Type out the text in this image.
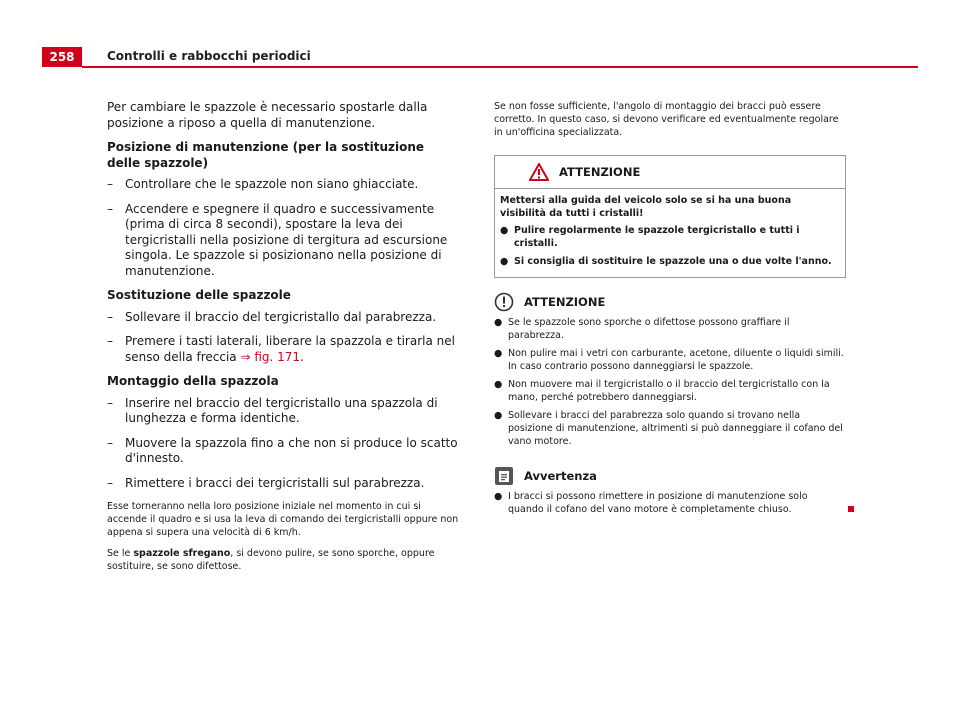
258	Controlli e rabbocchi periodici

Per cambiare le spazzole è necessario spostarle dalla posizione a riposo a quella di manutenzione.

Posizione di manutenzione (per la sostituzione delle spazzole)

–	Controllare che le spazzole non siano ghiacciate.
–	Accendere e spegnere il quadro e successivamente (prima di circa 8 secondi), spostare la leva dei tergicristalli nella posizione di tergitura ad escursione singola. Le spazzole si posizionano nella posizione di manutenzione.

Sostituzione delle spazzole

–	Sollevare il braccio del tergicristallo dal parabrezza.
–	Premere i tasti laterali, liberare la spazzola e tirarla nel senso della freccia ⇒ fig. 171.

Montaggio della spazzola

–	Inserire nel braccio del tergicristallo una spazzola di lunghezza e forma identiche.
–	Muovere la spazzola fino a che non si produce lo scatto d'innesto.
–	Rimettere i bracci dei tergicristalli sul parabrezza.

Esse torneranno nella loro posizione iniziale nel momento in cui si accende il quadro e si usa la leva di comando dei tergicristalli oppure non appena si supera una velocità di 6 km/h.

Se le spazzole sfregano, si devono pulire, se sono sporche, oppure sostituire, se sono difettose.

Se non fosse sufficiente, l'angolo di montaggio dei bracci può essere corretto. In questo caso, si devono verificare ed eventualmente regolare in un'officina specializzata.

ATTENZIONE

Mettersi alla guida del veicolo solo se si ha una buona visibilità da tutti i cristalli!

● Pulire regolarmente le spazzole tergicristallo e tutti i cristalli.
● Si consiglia di sostituire le spazzole una o due volte l'anno.
ATTENZIONE
● Se le spazzole sono sporche o difettose possono graffiare il parabrezza.
● Non pulire mai i vetri con carburante, acetone, diluente o liquidi simili. In caso contrario possono danneggiarsi le spazzole.
● Non muovere mai il tergicristallo o il braccio del tergicristallo con la mano, perché potrebbero danneggiarsi.
● Sollevare i bracci del parabrezza solo quando si trovano nella posizione di manutenzione, altrimenti si può danneggiare il cofano del vano motore.
Avvertenza
● I bracci si possono rimettere in posizione di manutenzione solo quando il cofano del vano motore è completamente chiuso.
